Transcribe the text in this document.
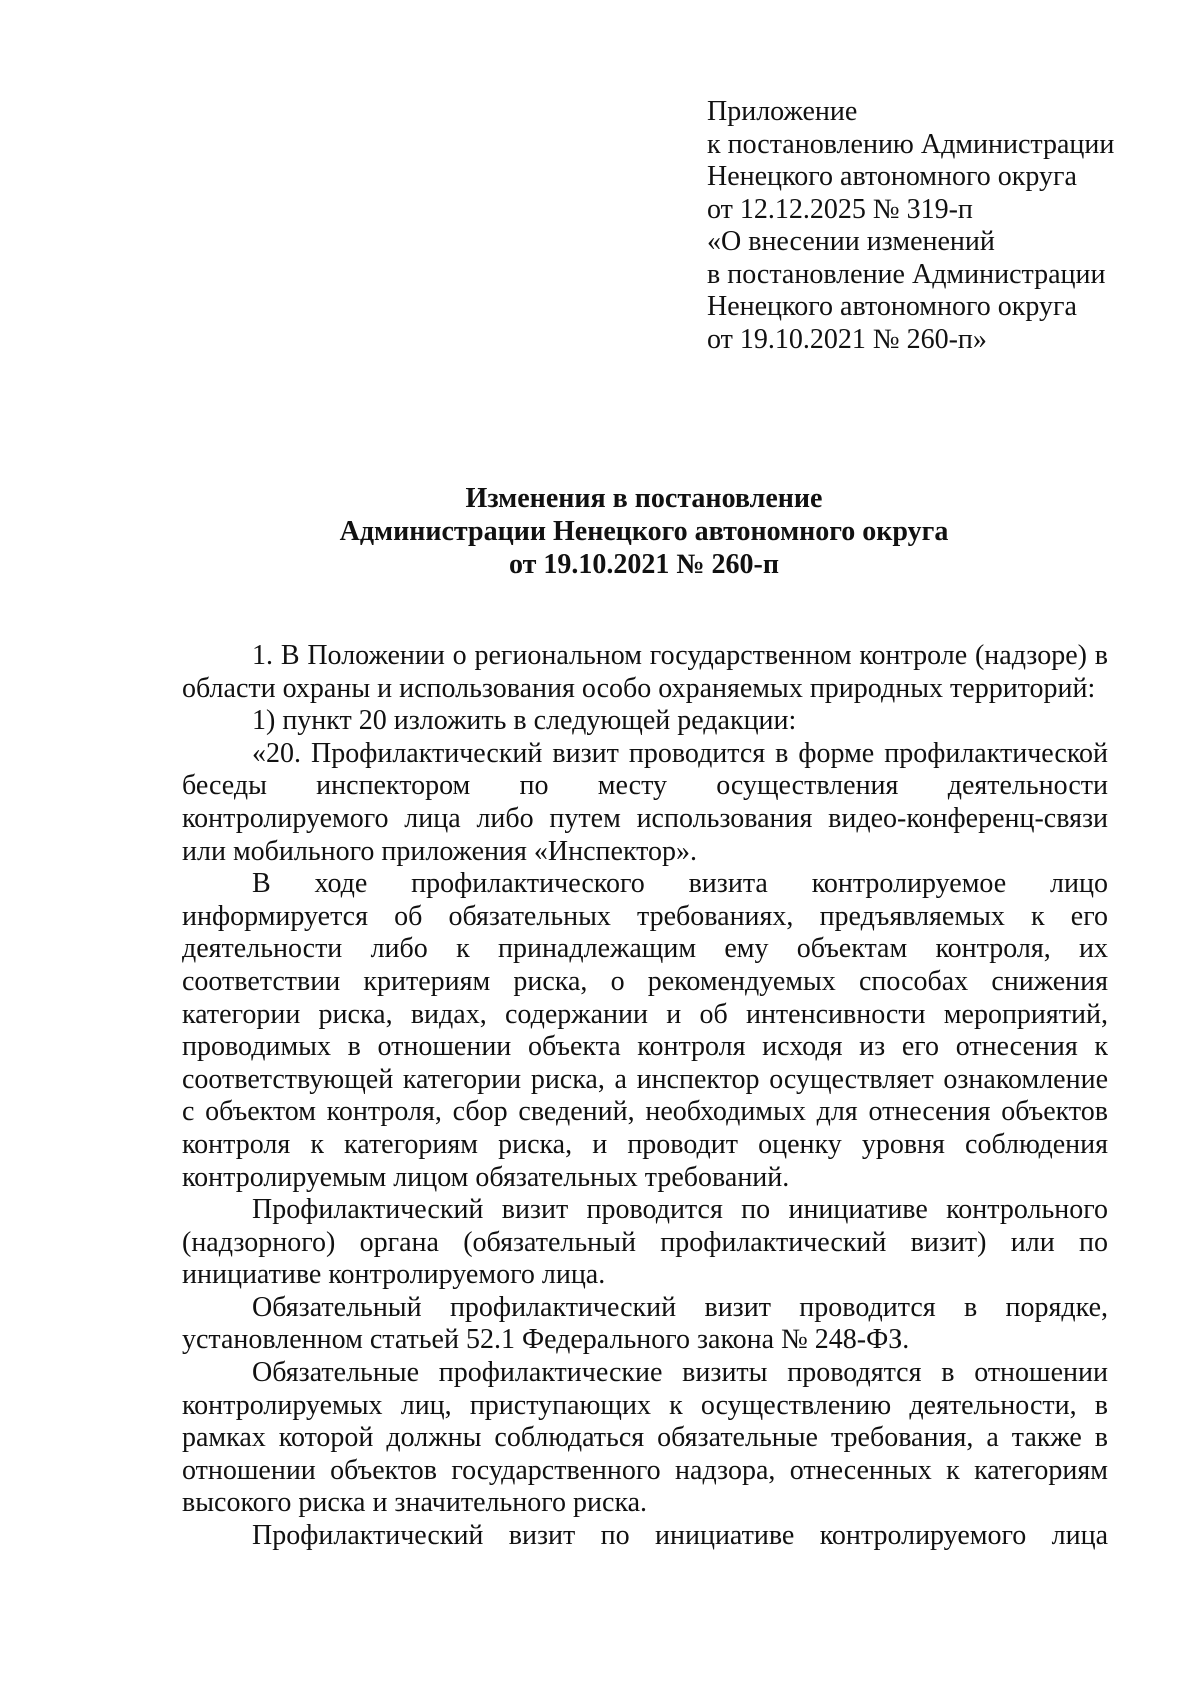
Приложение
к постановлению Администрации
Ненецкого автономного округа
от 12.12.2025 № 319-п
«О внесении изменений
в постановление Администрации
Ненецкого автономного округа
от 19.10.2021 № 260-п»
Изменения в постановление
Администрации Ненецкого автономного округа
от 19.10.2021 № 260-п

1. В Положении о региональном государственном контроле (надзоре) в области охраны и использования особо охраняемых природных территорий:

1) пункт 20 изложить в следующей редакции:

«20. Профилактический визит проводится в форме профилактической беседы инспектором по месту осуществления деятельности контролируемого лица либо путем использования видео-конференц-связи или мобильного приложения «Инспектор».

В ходе профилактического визита контролируемое лицо информируется об обязательных требованиях, предъявляемых к его деятельности либо к принадлежащим ему объектам контроля, их соответствии критериям риска, о рекомендуемых способах снижения категории риска, видах, содержании и об интенсивности мероприятий, проводимых в отношении объекта контроля исходя из его отнесения к соответствующей категории риска, а инспектор осуществляет ознакомление с объектом контроля, сбор сведений, необходимых для отнесения объектов контроля к категориям риска, и проводит оценку уровня соблюдения контролируемым лицом обязательных требований.

Профилактический визит проводится по инициативе контрольного (надзорного) органа (обязательный профилактический визит) или по инициативе контролируемого лица.

Обязательный профилактический визит проводится в порядке, установленном статьей 52.1 Федерального закона № 248-ФЗ.

Обязательные профилактические визиты проводятся в отношении контролируемых лиц, приступающих к осуществлению деятельности, в рамках которой должны соблюдаться обязательные требования, а также в отношении объектов государственного надзора, отнесенных к категориям высокого риска и значительного риска.

Профилактический визит по инициативе контролируемого лица
